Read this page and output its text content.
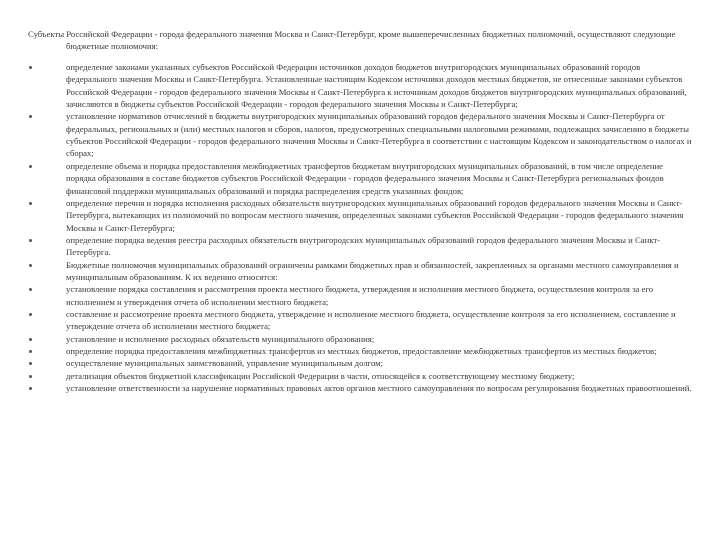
Субъекты Российской Федерации - города федерального значения Москва и Санкт-Петербург, кроме вышеперечисленных бюджетных полномочий, осуществляют следующие бюджетные полномочия:

определение законами указанных субъектов Российской Федерации источников доходов бюджетов внутригородских муниципальных образований городов федерального значения Москвы и Санкт-Петербурга. Установленные настоящим Кодексом источники доходов местных бюджетов, не отнесенные законами субъектов Российской Федерации - городов федерального значения Москвы и Санкт-Петербурга к источникам доходов бюджетов внутригородских муниципальных образований, зачисляются в бюджеты субъектов Российской Федерации - городов федерального значения Москвы и Санкт-Петербурга;
установление нормативов отчислений в бюджеты внутригородских муниципальных образований городов федерального значения Москвы и Санкт-Петербурга от федеральных, региональных и (или) местных налогов и сборов, налогов, предусмотренных специальными налоговыми режимами, подлежащих зачислению в бюджеты субъектов Российской Федерации - городов федерального значения Москвы и Санкт-Петербурга в соответствии с настоящим Кодексом и законодательством о налогах и сборах;
определение объема и порядка предоставления межбюджетных трансфертов бюджетам внутригородских муниципальных образований, в том числе определение порядка образования в составе бюджетов субъектов Российской Федерации - городов федерального значения Москвы и Санкт-Петербурга региональных фондов финансовой поддержки муниципальных образований и порядка распределения средств указанных фондов;
определение перечня и порядка исполнения расходных обязательств внутригородских муниципальных образований городов федерального значения Москвы и Санкт-Петербурга, вытекающих из полномочий по вопросам местного значения, определенных законами субъектов Российской Федерации - городов федерального значения Москвы и Санкт-Петербурга;
определение порядка ведения реестра расходных обязательств внутригородских муниципальных образований городов федерального значения Москвы и Санкт-Петербурга.
Бюджетные полномочия муниципальных образований ограничены рамками бюджетных прав и обязанностей, закрепленных за органами местного самоуправления и муниципальным образованиям. К их ведению относятся:
установление порядка составления и рассмотрения проекта местного бюджета, утверждения и исполнения местного бюджета, осуществления контроля за его исполнением и утверждения отчета об исполнении местного бюджета;
составление и рассмотрение проекта местного бюджета, утверждение и исполнение местного бюджета, осуществление контроля за его исполнением, составление и утверждение отчета об исполнении местного бюджета;
установление и исполнение расходных обязательств муниципального образования;
определение порядка предоставления межбюджетных трансфертов из местных бюджетов, предоставление межбюджетных трансфертов из местных бюджетов;
осуществление муниципальных заимствований, управление муниципальным долгом;
детализация объектов бюджетной классификации Российской Федерации в части, относящейся к соответствующему местному бюджету;
установление ответственности за нарушение нормативных правовых актов органов местного самоуправления по вопросам регулирования бюджетных правоотношений.
